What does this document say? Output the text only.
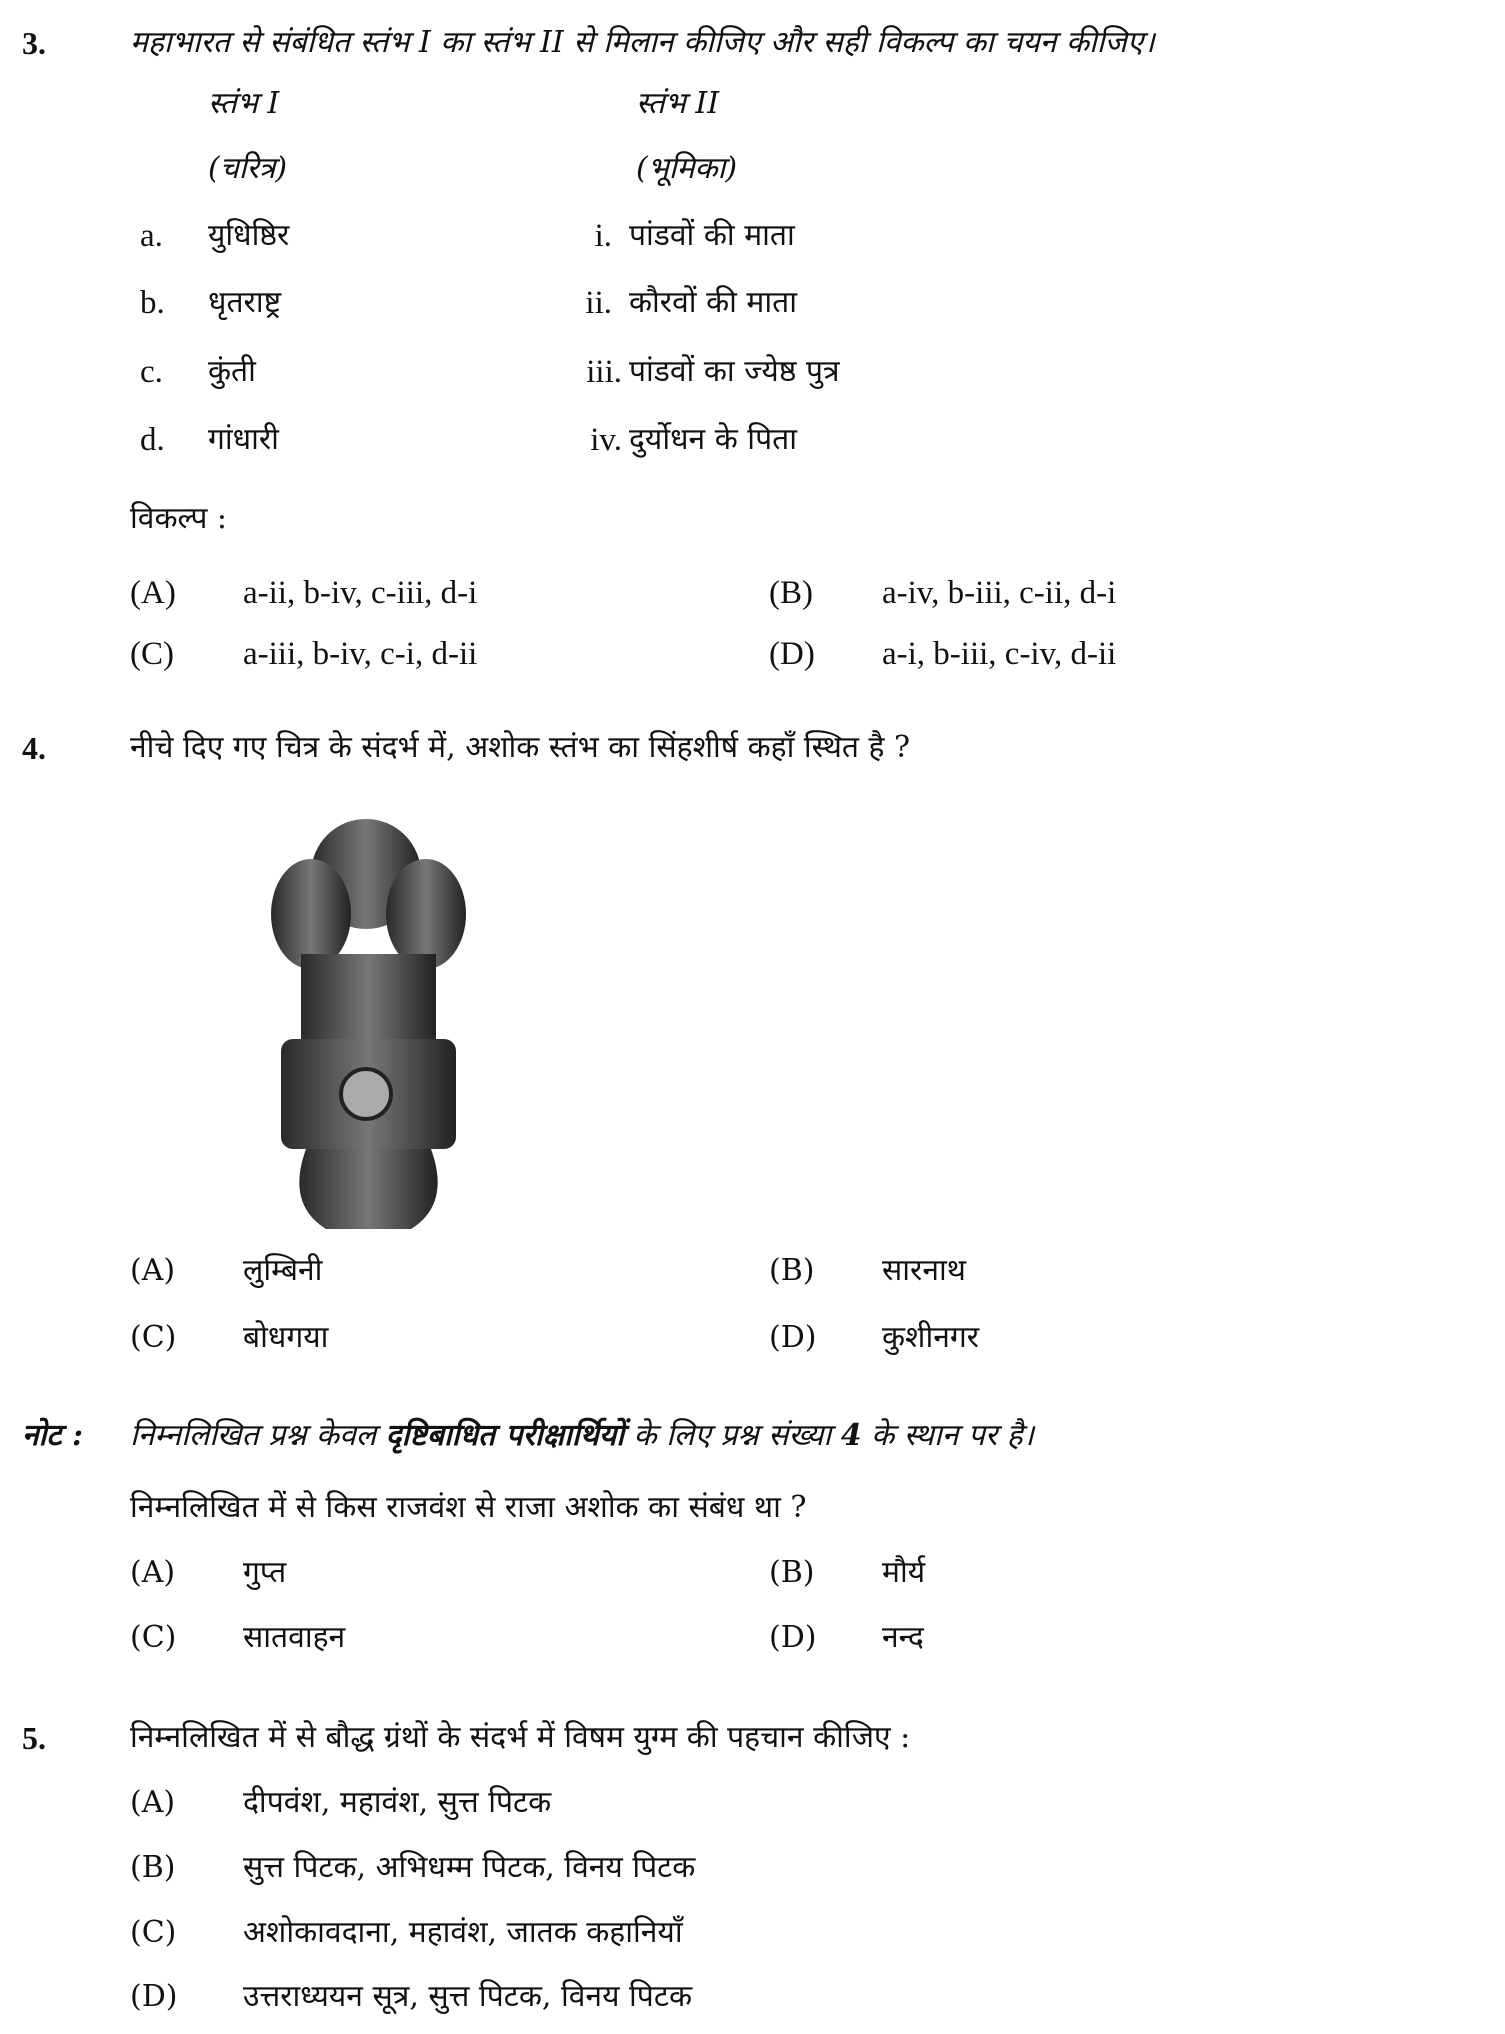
3.	महाभारत से संबंधित स्तंभ I का स्तंभ II से मिलान कीजिए और सही विकल्प का चयन कीजिए।
स्तंभ I	स्तंभ II
(चरित्र)	(भूमिका)
a. युधिष्ठिर	i. पांडवों की माता
b. धृतराष्ट्र	ii. कौरवों की माता
c. कुंती	iii. पांडवों का ज्येष्ठ पुत्र
d. गांधारी	iv. दुर्योधन के पिता
विकल्प :
(A) a-ii, b-iv, c-iii, d-i	(B) a-iv, b-iii, c-ii, d-i
(C) a-iii, b-iv, c-i, d-ii	(D) a-i, b-iii, c-iv, d-ii
4.	नीचे दिए गए चित्र के संदर्भ में, अशोक स्तंभ का सिंहशीर्ष कहाँ स्थित है ?
(A) लुम्बिनी	(B) सारनाथ
(C) बोधगया	(D) कुशीनगर
नोट : निम्नलिखित प्रश्न केवल दृष्टिबाधित परीक्षार्थियों के लिए प्रश्न संख्या 4 के स्थान पर है।
निम्नलिखित में से किस राजवंश से राजा अशोक का संबंध था ?
(A) गुप्त	(B) मौर्य
(C) सातवाहन	(D) नन्द
5.	निम्नलिखित में से बौद्ध ग्रंथों के संदर्भ में विषम युग्म की पहचान कीजिए :
(A) दीपवंश, महावंश, सुत्त पिटक
(B) सुत्त पिटक, अभिधम्म पिटक, विनय पिटक
(C) अशोकावदाना, महावंश, जातक कहानियाँ
(D) उत्तराध्ययन सूत्र, सुत्त पिटक, विनय पिटक
